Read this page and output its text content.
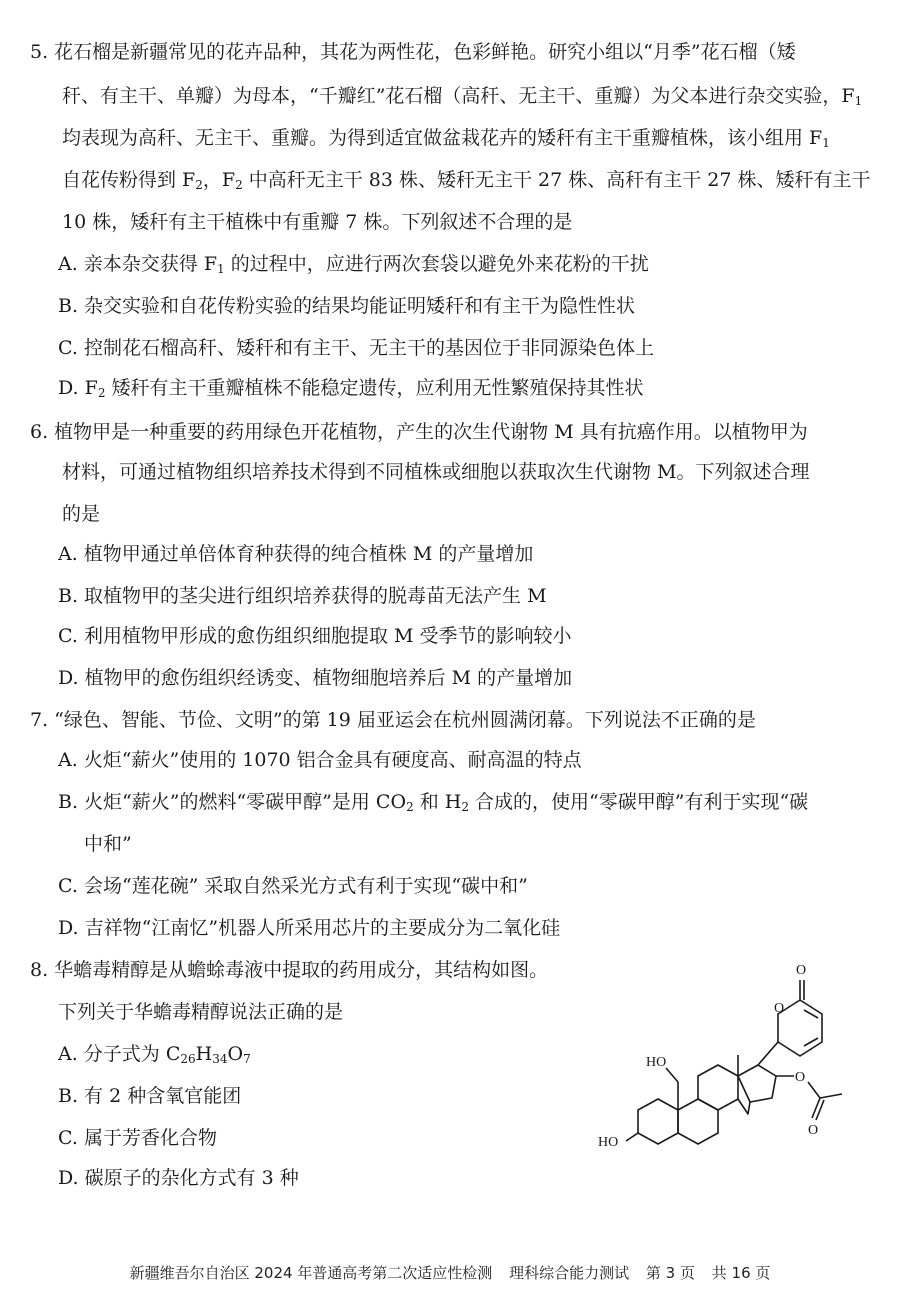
5. 花石榴是新疆常见的花卉品种，其花为两性花，色彩鲜艳。研究小组以“月季”花石榴（矮
秆、有主干、单瓣）为母本，“千瓣红”花石榴（高秆、无主干、重瓣）为父本进行杂交实验，$F_1$
均表现为高秆、无主干、重瓣。为得到适宜做盆栽花卉的矮秆有主干重瓣植株，该小组用 $F_1$
自花传粉得到 $F_2$，$F_2$ 中高秆无主干 83 株、矮秆无主干 27 株、高秆有主干 27 株、矮秆有主干
10 株，矮秆有主干植株中有重瓣 7 株。下列叙述不合理的是
A. 亲本杂交获得 $F_1$ 的过程中，应进行两次套袋以避免外来花粉的干扰
B. 杂交实验和自花传粉实验的结果均能证明矮秆和有主干为隐性性状
C. 控制花石榴高秆、矮秆和有主干、无主干的基因位于非同源染色体上
D. $F_2$ 矮秆有主干重瓣植株不能稳定遗传，应利用无性繁殖保持其性状
6. 植物甲是一种重要的药用绿色开花植物，产生的次生代谢物 M 具有抗癌作用。以植物甲为
材料，可通过植物组织培养技术得到不同植株或细胞以获取次生代谢物 M。下列叙述合理
的是
A. 植物甲通过单倍体育种获得的纯合植株 M 的产量增加
B. 取植物甲的茎尖进行组织培养获得的脱毒苗无法产生 M
C. 利用植物甲形成的愈伤组织细胞提取 M 受季节的影响较小
D. 植物甲的愈伤组织经诱变、植物细胞培养后 M 的产量增加
7. “绿色、智能、节俭、文明”的第 19 届亚运会在杭州圆满闭幕。下列说法不正确的是
A. 火炬“薪火”使用的 1070 铝合金具有硬度高、耐高温的特点
B. 火炬“薪火”的燃料“零碳甲醇”是用 $CO_2$ 和 $H_2$ 合成的，使用“零碳甲醇”有利于实现“碳
中和”
C. 会场“莲花碗” 采取自然采光方式有利于实现“碳中和”
D. 吉祥物“江南忆”机器人所采用芯片的主要成分为二氧化硅
8. 华蟾毒精醇是从蟾蜍毒液中提取的药用成分，其结构如图。
下列关于华蟾毒精醇说法正确的是
A. 分子式为 $C_{26}H_{34}O_7$
B. 有 2 种含氧官能团
C. 属于芳香化合物
D. 碳原子的杂化方式有 3 种
HO
HO
O
O
O
O
新疆维吾尔自治区 2024 年普通高考第二次适应性检测 理科综合能力测试 第 3 页 共 16 页
